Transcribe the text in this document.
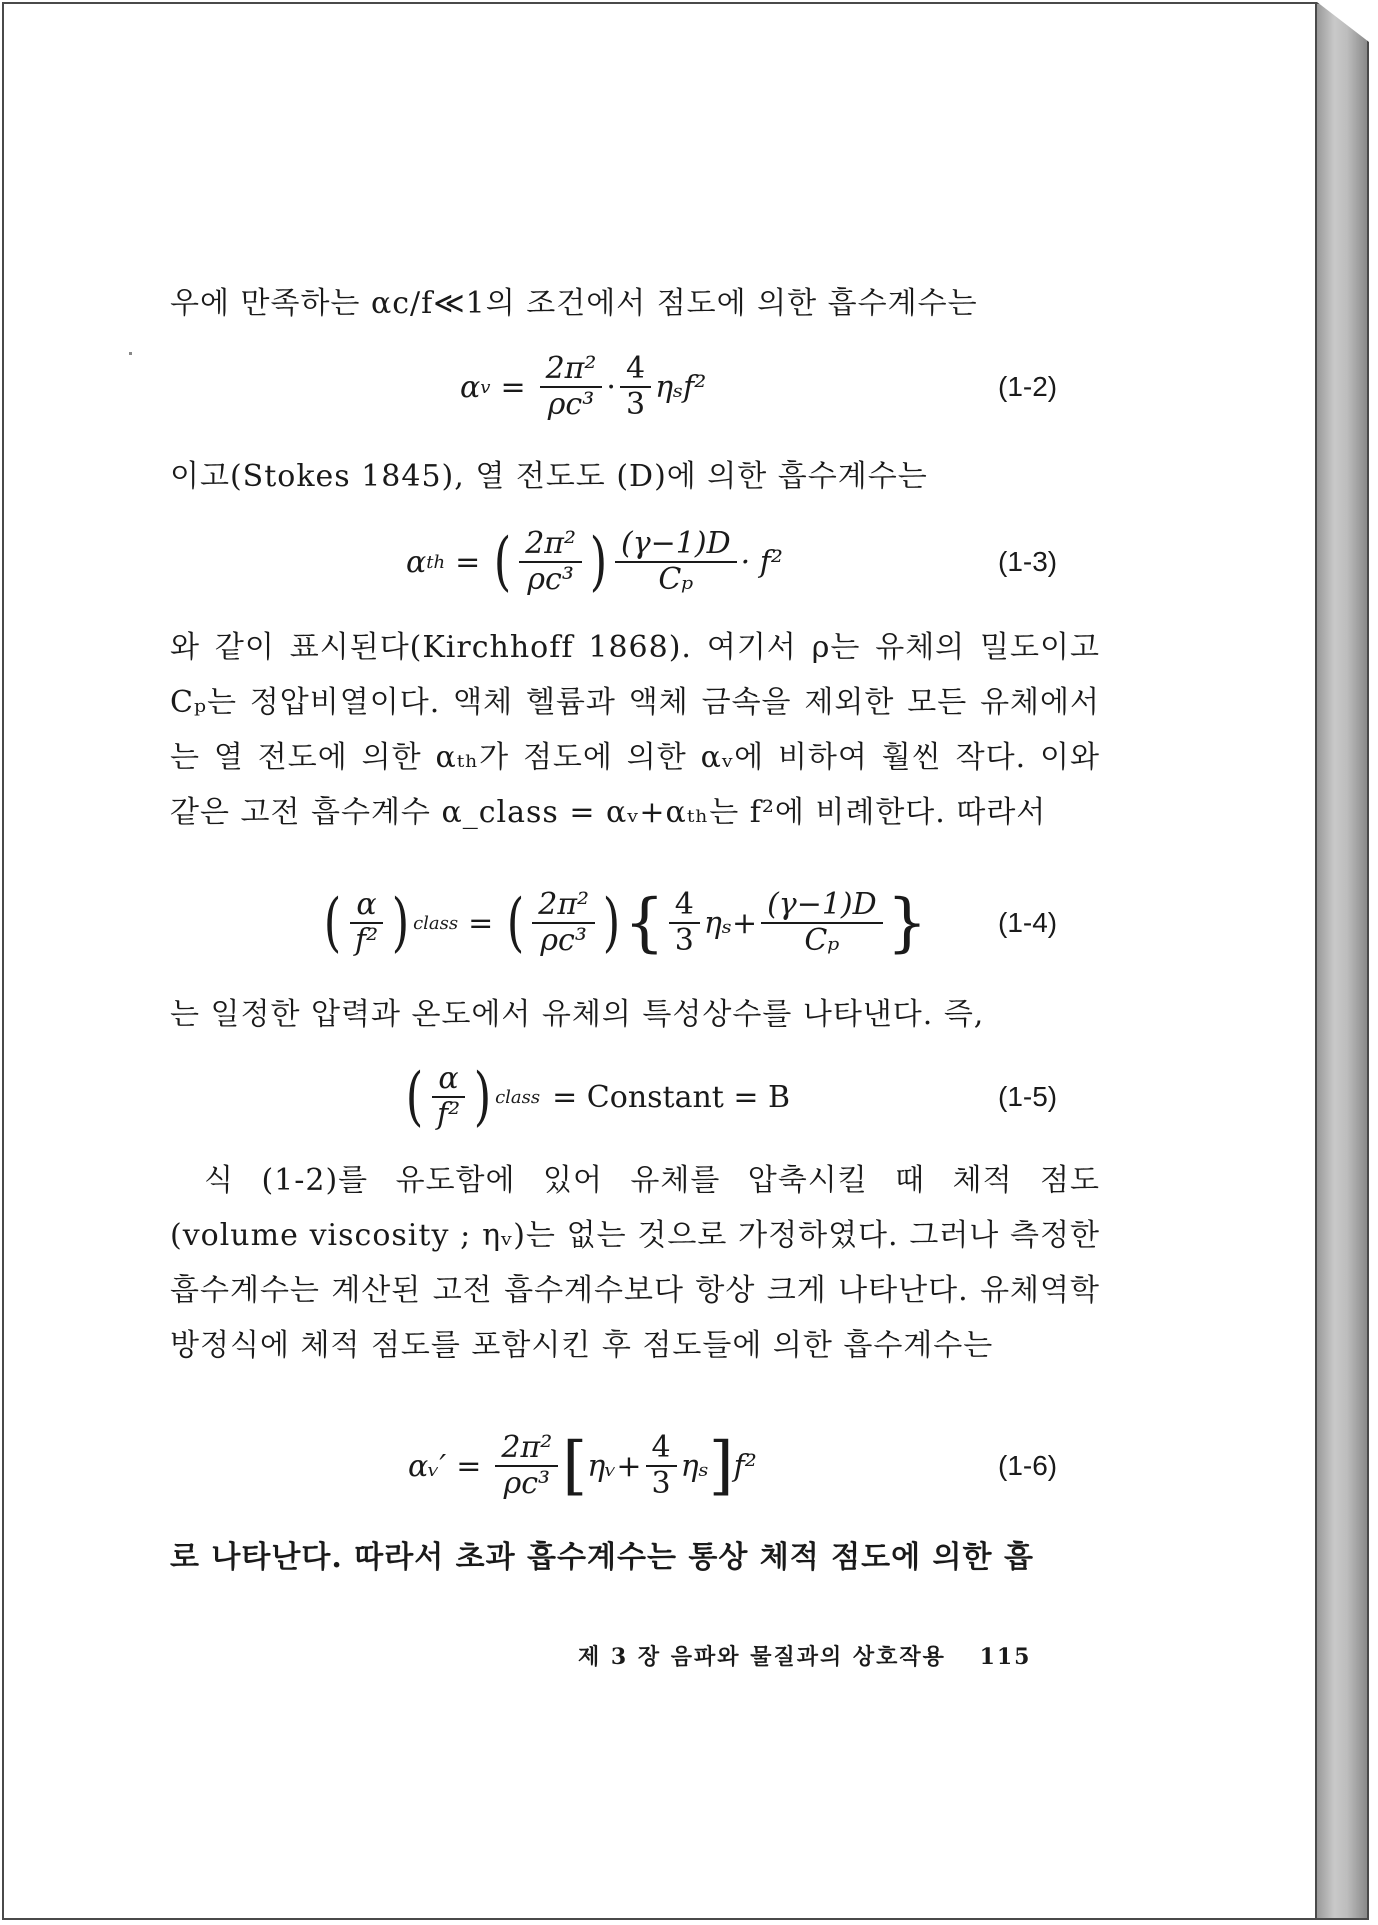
우에 만족하는 αc/f≪1의 조건에서 점도에 의한 흡수계수는
α $v = \frac{\text{2π²}}{\text{ρc³}} \cdot \frac{4}{3} \eta_sf^2$	(1-2)
이고(Stokes 1845), 열 전도도 (D)에 의한 흡수계수는
α th = ( $\frac{\text{2π²}}{\text{ρc³}}$ ) $\frac{(\gamma-1)D}{\text{Cₚ}} \cdot f^2$	(1-3)
와 같이 표시된다(Kirchhoff 1868). 여기서 ρ는 유체의 밀도이고 Cₚ는 정압비열이다. 액체 헬륨과 액체 금속을 제외한 모든 유체에서는 열 전도에 의한 αₜₕ가 점도에 의한 αᵥ에 비하여 훨씬 작다. 이와 같은 고전 흡수계수 α_class = αᵥ+αₜₕ는 f²에 비례한다. 따라서
( $\frac{\alpha}{\text{f²}}$ ) class = ( $\frac{\text{2π²}}{\text{ρc³}}$ ) { $\frac{4}{3} \eta_s+ \frac{(\gamma-1)D}{\text{Cₚ}}$ }	(1-4)
는 일정한 압력과 온도에서 유체의 특성상수를 나타낸다. 즉,
( $\frac{\alpha}{\text{f²}}$ ) class = Constant = B	(1-5)
식 (1-2)를 유도함에 있어 유체를 압축시킬 때 체적 점도 (volume viscosity ; ηᵥ)는 없는 것으로 가정하였다. 그러나 측정한 흡수계수는 계산된 고전 흡수계수보다 항상 크게 나타난다. 유체역학 방정식에 체적 점도를 포함시킨 후 점도들에 의한 흡수계수는
αᵥ′ = $\frac{\text{2π²}}{\text{ρc³}}$ [ ηᵥ+ $\frac{4}{3}$ ηₛ ] f²	(1-6)
로 나타난다. 따라서 초과 흡수계수는 통상 체적 점도에 의한 흡
제 3 장 음파와 물질과의 상호작용 115
